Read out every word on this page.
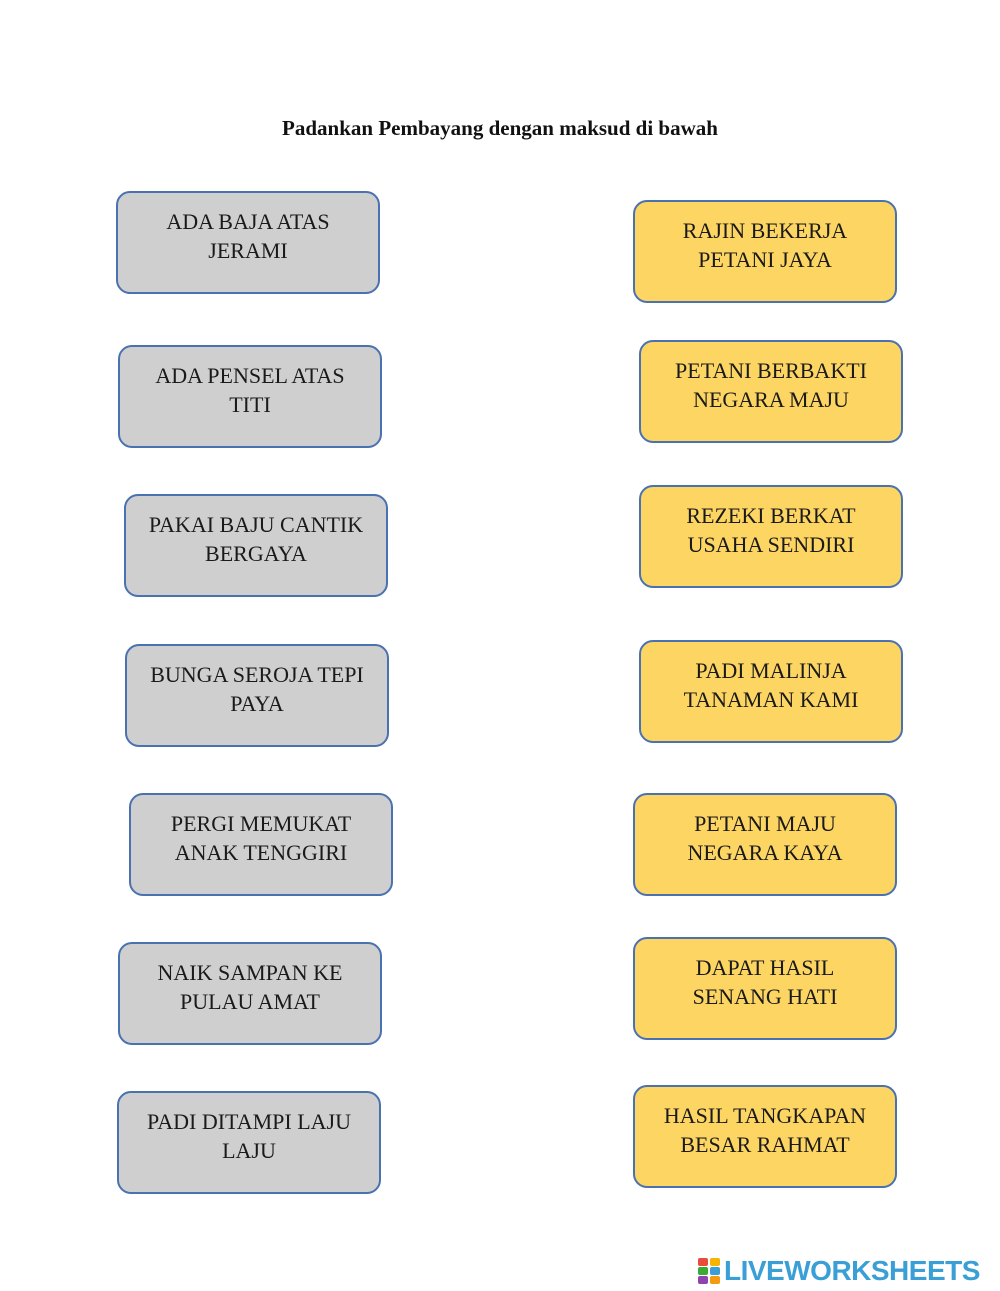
Padankan Pembayang dengan maksud di bawah
ADA BAJA ATAS
JERAMI
ADA PENSEL ATAS
TITI
PAKAI BAJU CANTIK
BERGAYA
BUNGA SEROJA TEPI
PAYA
PERGI MEMUKAT
ANAK TENGGIRI
NAIK SAMPAN KE
PULAU AMAT
PADI DITAMPI LAJU
LAJU
RAJIN BEKERJA
PETANI JAYA
PETANI BERBAKTI
NEGARA MAJU
REZEKI BERKAT
USAHA SENDIRI
PADI MALINJA
TANAMAN KAMI
PETANI MAJU
NEGARA KAYA
DAPAT HASIL
SENANG HATI
HASIL TANGKAPAN
BESAR RAHMAT
LIVEWORKSHEETS
